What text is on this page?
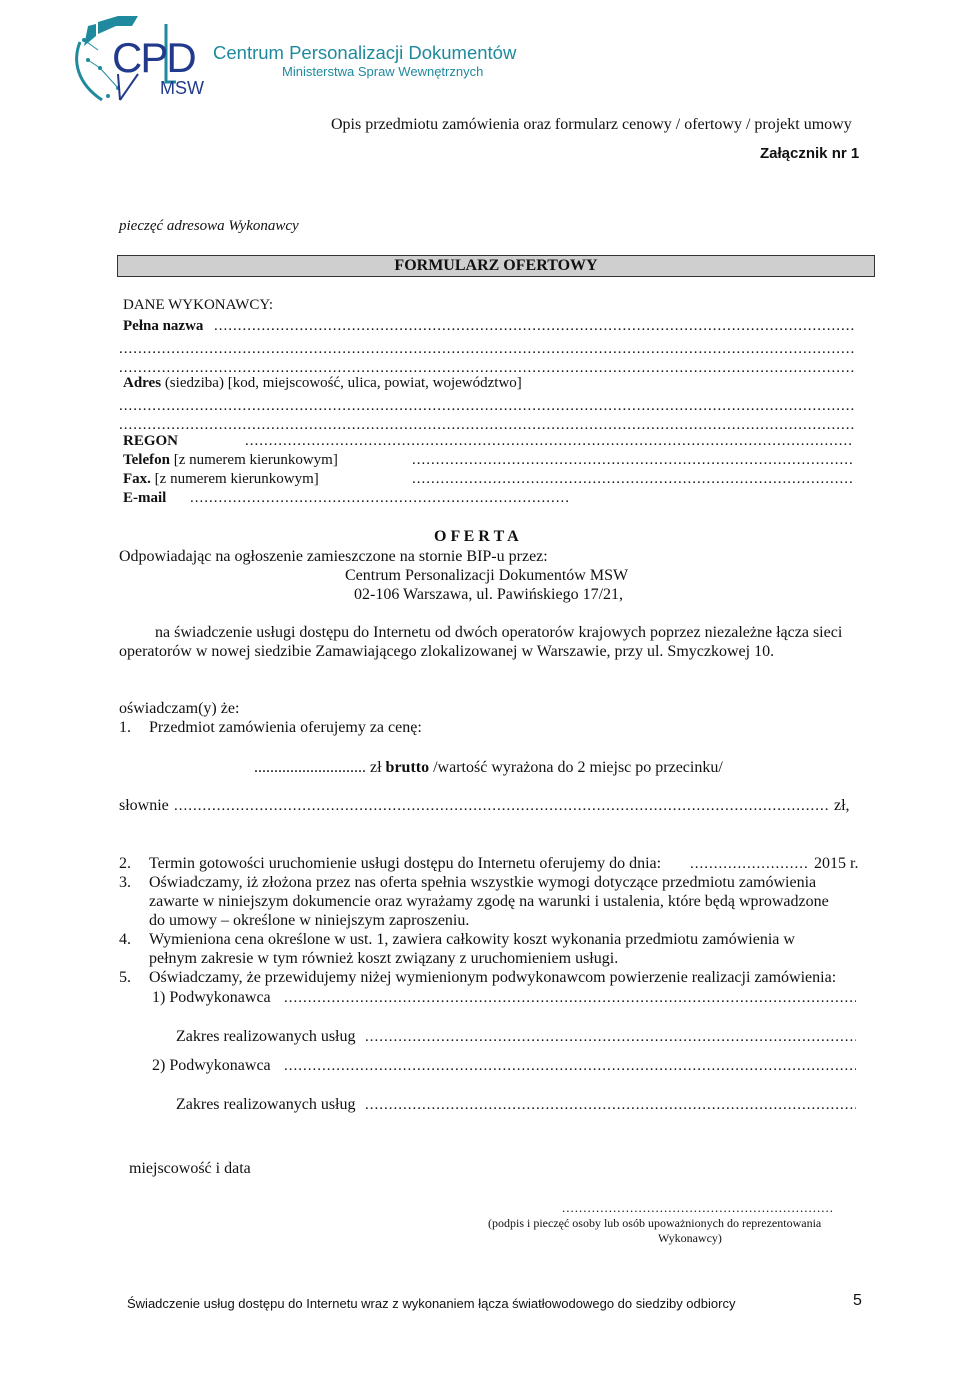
CPD
MSW
Centrum Personalizacji Dokumentów
Ministerstwa Spraw Wewnętrznych
Opis przedmiotu zamówienia oraz formularz cenowy / ofertowy / projekt umowy
Załącznik nr 1
pieczęć adresowa Wykonawcy
FORMULARZ OFERTOWY
DANE WYKONAWCY:
Pełna nazwa
.....
.....
.....
Adres (siedziba) [kod, miejscowość, ulica, powiat, województwo]
.....
.....
REGON
.....
Telefon [z numerem kierunkowym]
.....
Fax. [z numerem kierunkowym]
.....
E-mail
.....
O F E R T A
Odpowiadając na ogłoszenie zamieszczone na stornie BIP-u przez:
Centrum Personalizacji Dokumentów MSW
02-106 Warszawa, ul. Pawińskiego 17/21,
na świadczenie usługi dostępu do Internetu od dwóch operatorów krajowych poprzez niezależne łącza sieci
operatorów w nowej siedzibie Zamawiającego zlokalizowanej w Warszawie, przy ul. Smyczkowej 10.
oświadczam(y) że:
1. Przedmiot zamówienia oferujemy za cenę:
............................ zł brutto /wartość wyrażona do 2 miejsc po przecinku/
słownie .....	zł,
2. Termin gotowości uruchomienie usługi dostępu do Internetu oferujemy do dnia: .....	2015 r.
3. Oświadczamy, iż złożona przez nas oferta spełnia wszystkie wymogi dotyczące przedmiotu zamówienia
zawarte w niniejszym dokumencie oraz wyrażamy zgodę na warunki i ustalenia, które będą wprowadzone
do umowy – określone w niniejszym zaproszeniu.
4. Wymieniona cena określone w ust. 1, zawiera całkowity koszt wykonania przedmiotu zamówienia w
pełnym zakresie w tym również koszt związany z uruchomieniem usługi.
5. Oświadczamy, że przewidujemy niżej wymienionym podwykonawcom powierzenie realizacji zamówienia:
1) Podwykonawca
.....
Zakres realizowanych usług
.....
2) Podwykonawca
.....
Zakres realizowanych usług
.....
miejscowość i data
.....
(podpis i pieczęć osoby lub osób upoważnionych do reprezentowania
Wykonawcy)
Świadczenie usług dostępu do Internetu wraz z wykonaniem łącza światłowodowego do siedziby odbiorcy	5
